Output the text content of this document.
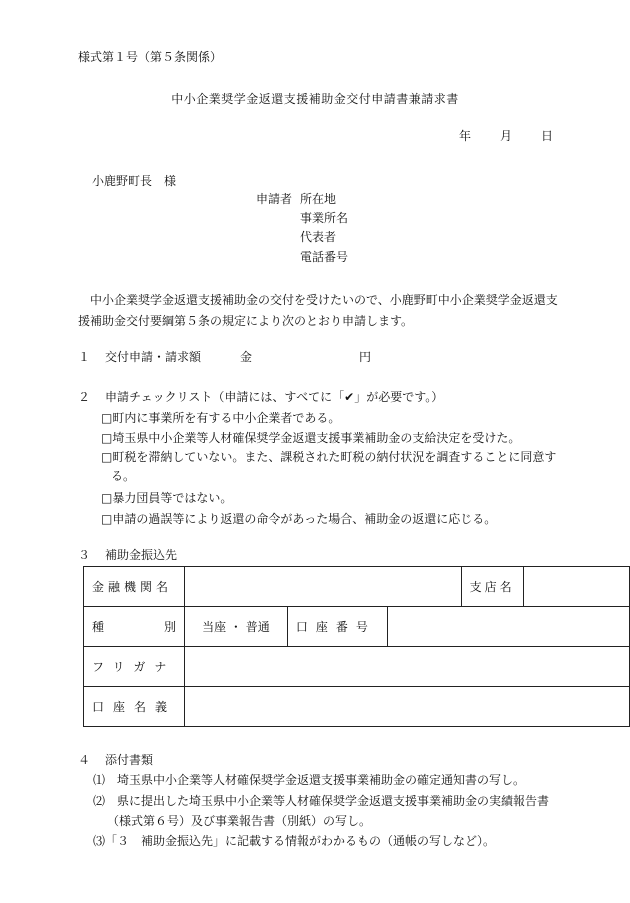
様式第１号（第５条関係）
中小企業奨学金返還支援補助金交付申請書兼請求書
年 月 日
小鹿野町長　様
申請者 所在地
事業所名
代表者
電話番号
中小企業奨学金返還支援補助金の交付を受けたいので、小鹿野町中小企業奨学金返還支援補助金交付要綱第５条の規定により次のとおり申請します。
１ 交付申請・請求額	金	円
２ 申請チェックリスト（申請には、すべてに「✔」が必要です。）
□町内に事業所を有する中小企業者である。
□埼玉県中小企業等人材確保奨学金返還支援事業補助金の支給決定を受けた。
□町税を滞納していない。また、課税された町税の納付状況を調査することに同意する。
□暴力団員等ではない。
□申請の過誤等により返還の命令があった場合、補助金の返還に応じる。
３ 補助金振込先
金融機関名				支店名	
種別	当座 ・ 普通	口座番号			
フリガナ					
口座名義					
４ 添付書類
⑴　埼玉県中小企業等人材確保奨学金返還支援事業補助金の確定通知書の写し。
⑵　県に提出した埼玉県中小企業等人材確保奨学金返還支援事業補助金の実績報告書（様式第６号）及び事業報告書（別紙）の写し。
⑶「３　補助金振込先」に記載する情報がわかるもの（通帳の写しなど）。
